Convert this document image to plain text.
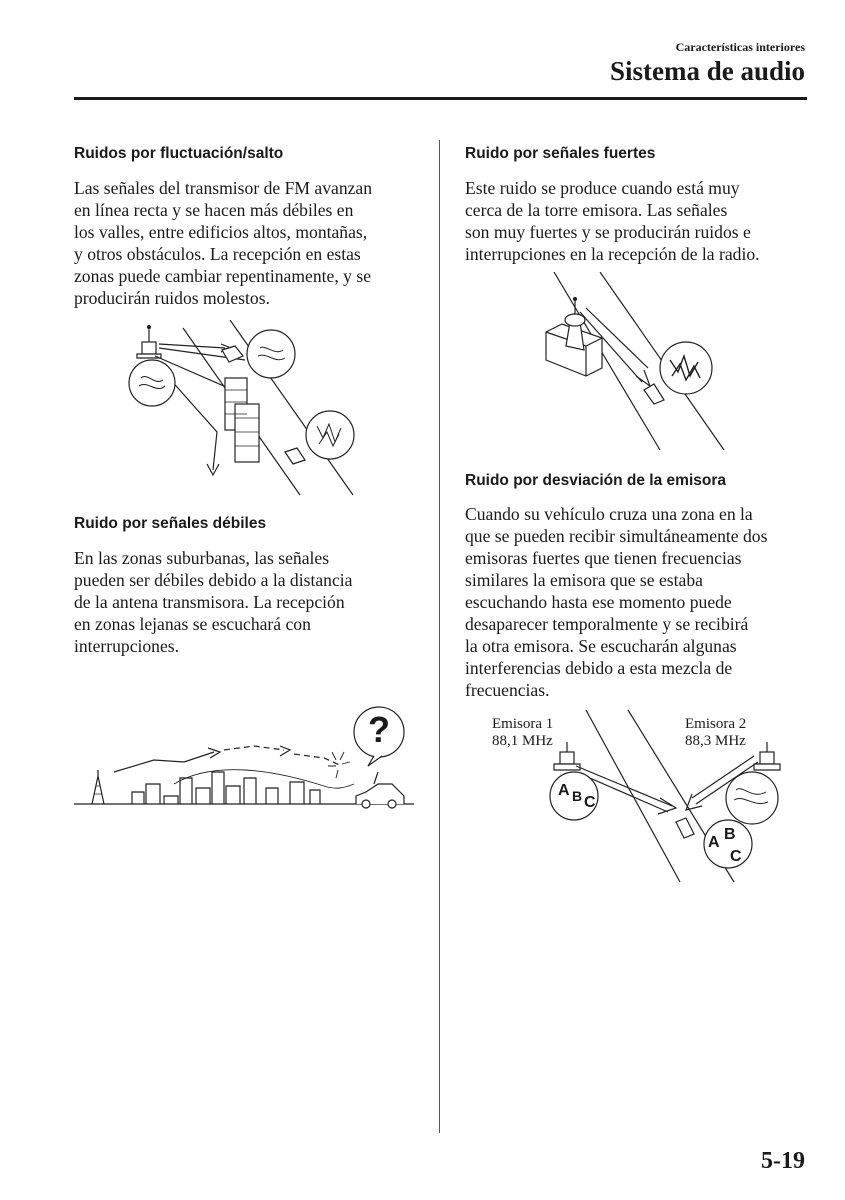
Características interiores
Sistema de audio
Ruidos por fluctuación/salto
Las señales del transmisor de FM avanzan
en línea recta y se hacen más débiles en
los valles, entre edificios altos, montañas,
y otros obstáculos. La recepción en estas
zonas puede cambiar repentinamente, y se
producirán ruidos molestos.
Ruido por señales débiles
En las zonas suburbanas, las señales
pueden ser débiles debido a la distancia
de la antena transmisora. La recepción
en zonas lejanas se escuchará con
interrupciones.
?
Ruido por señales fuertes
Este ruido se produce cuando está muy
cerca de la torre emisora. Las señales
son muy fuertes y se producirán ruidos e
interrupciones en la recepción de la radio.
Ruido por desviación de la emisora
Cuando su vehículo cruza una zona en la
que se pueden recibir simultáneamente dos
emisoras fuertes que tienen frecuencias
similares la emisora que se estaba
escuchando hasta ese momento puede
desaparecer temporalmente y se recibirá
la otra emisora. Se escucharán algunas
interferencias debido a esta mezcla de
frecuencias.
A B C
A B
C
Emisora 1
88,1 MHz
Emisora 2
88,3 MHz
5-19
